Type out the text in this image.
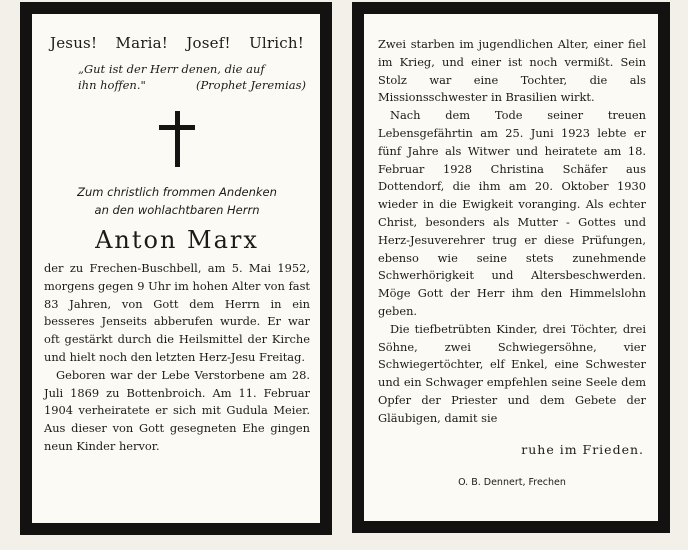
Jesus! Maria! Josef! Ulrich!
„Gut ist der Herr denen, die auf
ihn hoffen."	(Prophet Jeremias)

Zum christlich frommen Andenken

an den wohlachtbaren Herrn

Anton Marx

der zu Frechen-Buschbell, am 5. Mai 1952, morgens gegen 9 Uhr im hohen Alter von fast 83 Jahren, von Gott dem Herrn in ein besseres Jenseits abberufen wurde. Er war oft gestärkt durch die Heilsmittel der Kirche und hielt noch den letzten Herz-Jesu Freitag.

Geboren war der Lebe Verstorbene am 28. Juli 1869 zu Bottenbroich. Am 11. Februar 1904 verheiratete er sich mit Gudula Meier. Aus dieser von Gott gesegneten Ehe gingen neun Kinder hervor.

Zwei starben im jugendlichen Alter, einer fiel im Krieg, und einer ist noch vermißt. Sein Stolz war eine Tochter, die als Missionsschwester in Brasilien wirkt.

Nach dem Tode seiner treuen Lebensgefährtin am 25. Juni 1923 lebte er fünf Jahre als Witwer und heiratete am 18. Februar 1928 Christina Schäfer aus Dottendorf, die ihm am 20. Oktober 1930 wieder in die Ewigkeit voranging. Als echter Christ, besonders als Mutter - Gottes und Herz-Jesuverehrer trug er diese Prüfungen, ebenso wie seine stets zunehmende Schwerhörigkeit und Altersbeschwerden. Möge Gott der Herr ihm den Himmelslohn geben.

Die tiefbetrübten Kinder, drei Töchter, drei Söhne, zwei Schwiegersöhne, vier Schwiegertöchter, elf Enkel, eine Schwester und ein Schwager empfehlen seine Seele dem Opfer der Priester und dem Gebete der Gläubigen, damit sie

ruhe im Frieden.
O. B. Dennert, Frechen
